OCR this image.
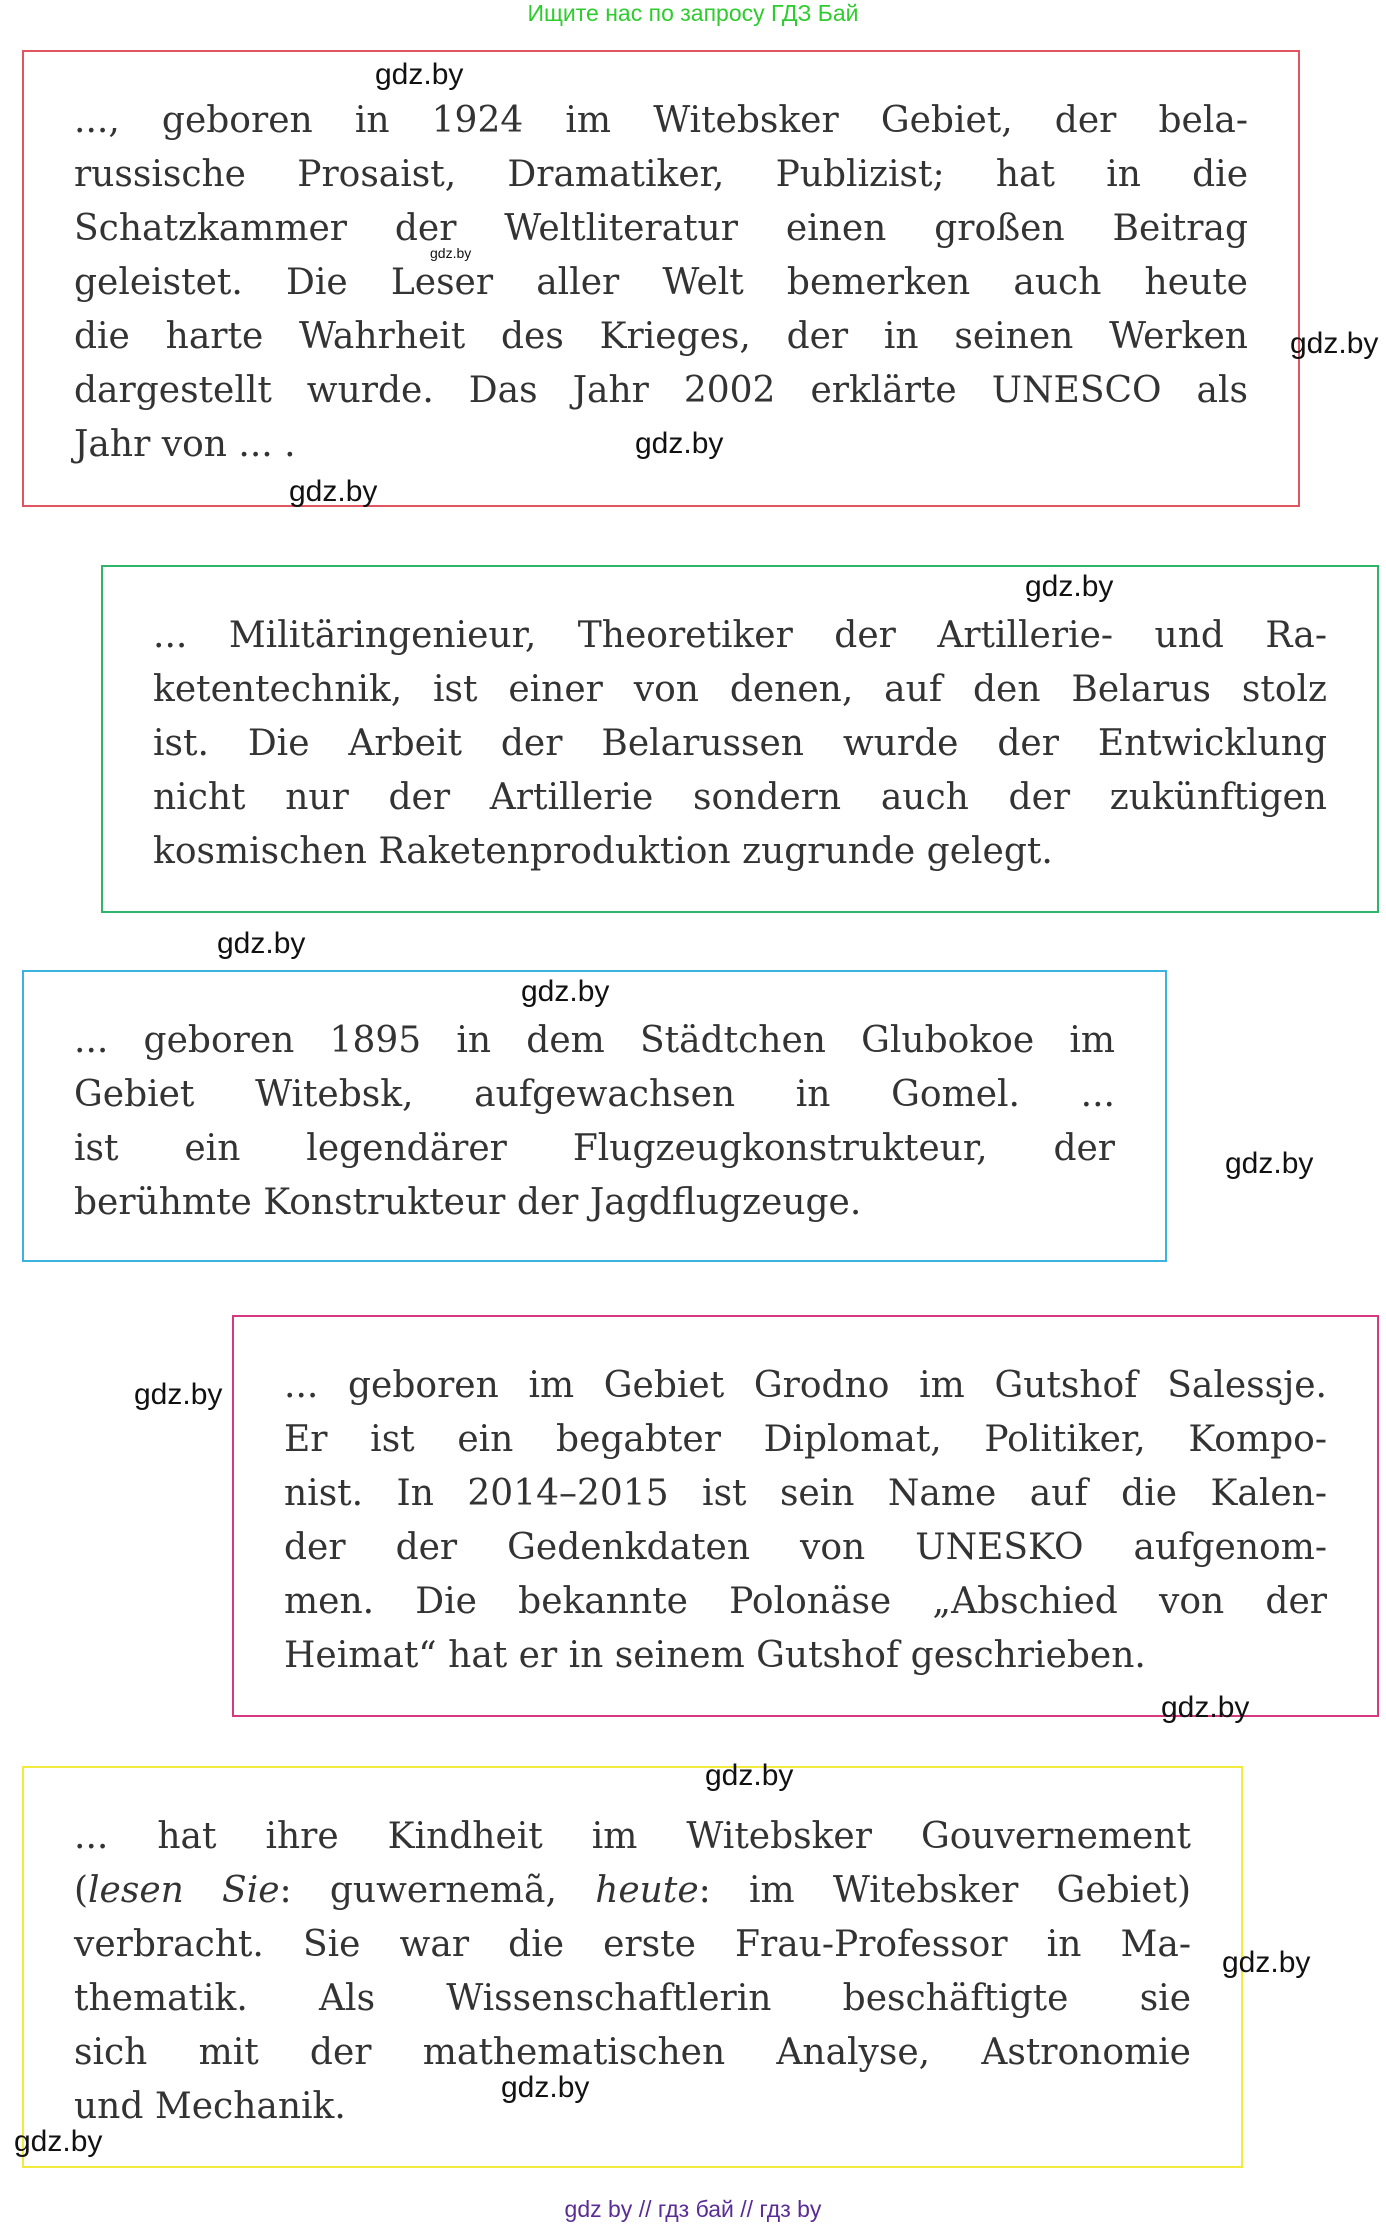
Ищите нас по запросу ГДЗ Бай
..., geboren in 1924 im Witebsker Gebiet, der bela-
russische Prosaist, Dramatiker, Publizist; hat in die
Schatzkammer der Weltliteratur einen großen Beitrag
geleistet. Die Leser aller Welt bemerken auch heute
die harte Wahrheit des Krieges, der in seinen Werken
dargestellt wurde. Das Jahr 2002 erklärte UNESCO als
Jahr von ... .
... Militäringenieur, Theoretiker der Artillerie- und Ra-
ketentechnik, ist einer von denen, auf den Belarus stolz
ist. Die Arbeit der Belarussen wurde der Entwicklung
nicht nur der Artillerie sondern auch der zukünftigen
kosmischen Raketenproduktion zugrunde gelegt.
... geboren 1895 in dem Städtchen Glubokoe im
Gebiet Witebsk, aufgewachsen in Gomel. ...
ist ein legendärer Flugzeugkonstrukteur, der
berühmte Konstrukteur der Jagdflugzeuge.
... geboren im Gebiet Grodno im Gutshof Salessje.
Er ist ein begabter Diplomat, Politiker, Kompo-
nist. In 2014–2015 ist sein Name auf die Kalen-
der der Gedenkdaten von UNESKO aufgenom-
men. Die bekannte Polonäse „Abschied von der
Heimat“ hat er in seinem Gutshof geschrieben.
... hat ihre Kindheit im Witebsker Gouvernement
(lesen Sie: guwernemã, heute: im Witebsker Gebiet)
verbracht. Sie war die erste Frau-Professor in Ma-
thematik. Als Wissenschaftlerin beschäftigte sie
sich mit der mathematischen Analyse, Astronomie
und Mechanik.
gdz.by
gdz.by
gdz.by
gdz.by
gdz.by
gdz.by
gdz.by
gdz.by
gdz.by
gdz.by
gdz.by
gdz.by
gdz.by
gdz.by
gdz.by
gdz by // гдз бай // гдз by
